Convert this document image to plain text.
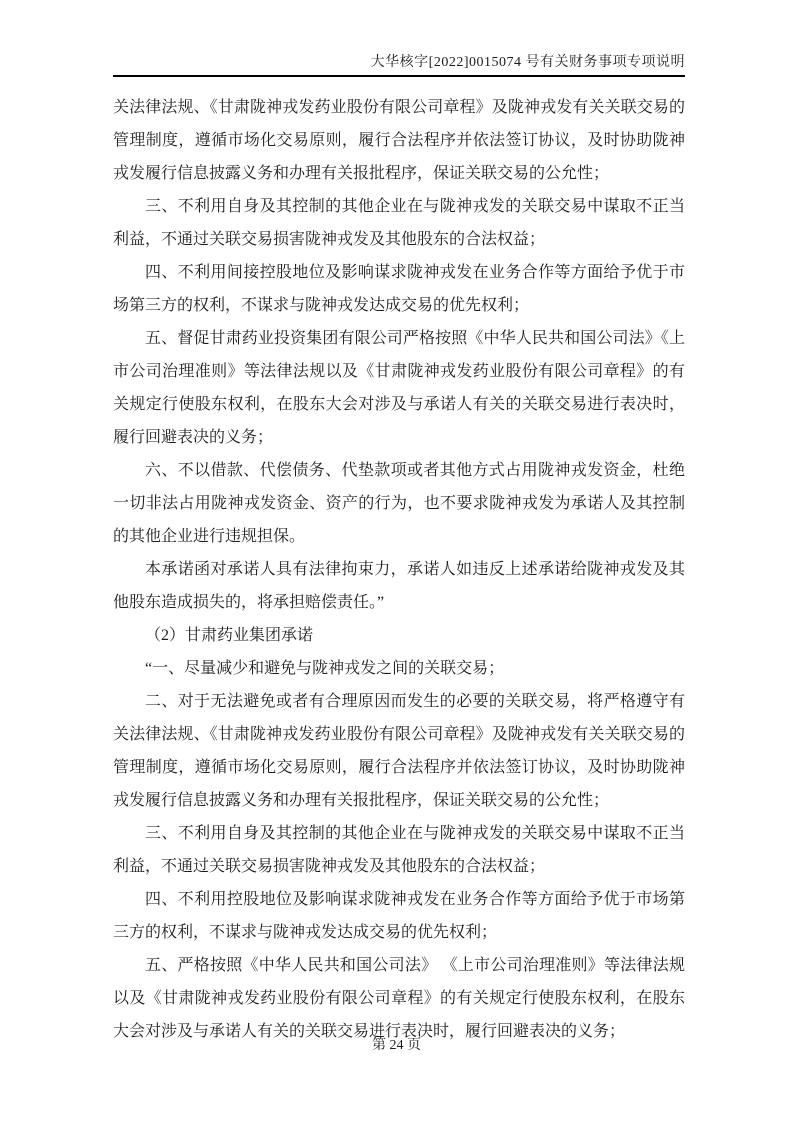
大华核字[2022]0015074 号有关财务事项专项说明

关法律法规、《甘肃陇神戎发药业股份有限公司章程》及陇神戎发有关关联交易的管理制度，遵循市场化交易原则，履行合法程序并依法签订协议，及时协助陇神戎发履行信息披露义务和办理有关报批程序，保证关联交易的公允性；

三、不利用自身及其控制的其他企业在与陇神戎发的关联交易中谋取不正当利益，不通过关联交易损害陇神戎发及其他股东的合法权益；

四、不利用间接控股地位及影响谋求陇神戎发在业务合作等方面给予优于市场第三方的权利，不谋求与陇神戎发达成交易的优先权利；

五、督促甘肃药业投资集团有限公司严格按照《中华人民共和国公司法》《上市公司治理准则》等法律法规以及《甘肃陇神戎发药业股份有限公司章程》的有关规定行使股东权利，在股东大会对涉及与承诺人有关的关联交易进行表决时，履行回避表决的义务；

六、不以借款、代偿债务、代垫款项或者其他方式占用陇神戎发资金，杜绝一切非法占用陇神戎发资金、资产的行为，也不要求陇神戎发为承诺人及其控制的其他企业进行违规担保。

本承诺函对承诺人具有法律拘束力，承诺人如违反上述承诺给陇神戎发及其他股东造成损失的，将承担赔偿责任。”

（2）甘肃药业集团承诺

“一、尽量减少和避免与陇神戎发之间的关联交易；

二、对于无法避免或者有合理原因而发生的必要的关联交易，将严格遵守有关法律法规、《甘肃陇神戎发药业股份有限公司章程》及陇神戎发有关关联交易的管理制度，遵循市场化交易原则，履行合法程序并依法签订协议，及时协助陇神戎发履行信息披露义务和办理有关报批程序，保证关联交易的公允性；

三、不利用自身及其控制的其他企业在与陇神戎发的关联交易中谋取不正当利益，不通过关联交易损害陇神戎发及其他股东的合法权益；

四、不利用控股地位及影响谋求陇神戎发在业务合作等方面给予优于市场第三方的权利，不谋求与陇神戎发达成交易的优先权利；

五、严格按照《中华人民共和国公司法》 《上市公司治理准则》等法律法规以及《甘肃陇神戎发药业股份有限公司章程》的有关规定行使股东权利，在股东大会对涉及与承诺人有关的关联交易进行表决时，履行回避表决的义务；

第 24 页
